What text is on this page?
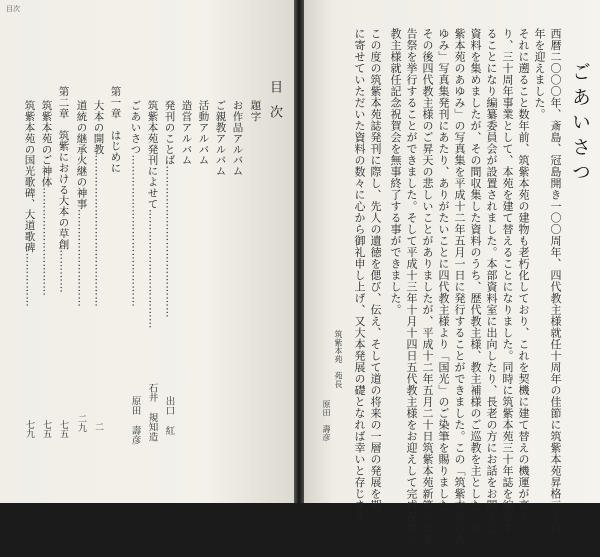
目次
目次
題字
お作品アルバム
ご親教アルバム
活動アルバム
造営アルバム
発刊のことば……………………………………
出口　紅
筑紫本苑発刊によせて……………………………
石井　規知造
ごあいさつ……………………………………
原田　壽彦
第一章　はじめに
大本の開教……………………………………
二
道統の継承火継の神事………………………
二九
第二章　筑紫における大本の草創…………
七五
筑紫本苑のご神体…………………………
七五
筑紫本苑の国光歌碑、大道歌碑……………
七九
ごあいさつ
西暦二〇〇〇年、斎島、冠島開き一〇〇周年、四代教主様就任十周年の佳節に筑紫本苑昇格三十周
年を迎えました。
それに遡ること数年前、筑紫本苑の建物も老朽化しており、これを契機に建て替えの機運が高ま
り、三十周年事業として、本苑を建て替えることになりました。同時に筑紫本苑三十年誌を編纂す
ることになり編纂委員会が設置されました。本部資料室に出向したり、長老の方にお話をお聞きし
資料を集めましたが、その間収集した資料のうち、歴代教主様、教主補様のご巡教を主とした「筑
紫本苑のあゆみ」の写真集を平成十二年五月一日に発行することができました。この「筑紫本苑のあ
ゆみ」写真集発刊にあたり、ありがたいことに四代教主様より「国光」のご染筆を賜りました。
その後四代教主様のご昇天の悲しいことがありましたが、平成十二年五月二十日筑紫本苑新築完成奉
告祭を挙行することができました。そして平成十三年十月十四日五代教主様をお迎えして完成祝賀会、
教主様就任記念祝賀会を無事終了する事ができました。
この度の筑紫本苑誌発刊に際し、先人の遺徳を偲び、伝え、そして道の将来の一層の発展を期
に寄せていただいた資料の数々に心から御礼申し上げ、又大本発展の礎となれば幸いと存じます。
筑紫本苑　苑長
原田　壽彦
